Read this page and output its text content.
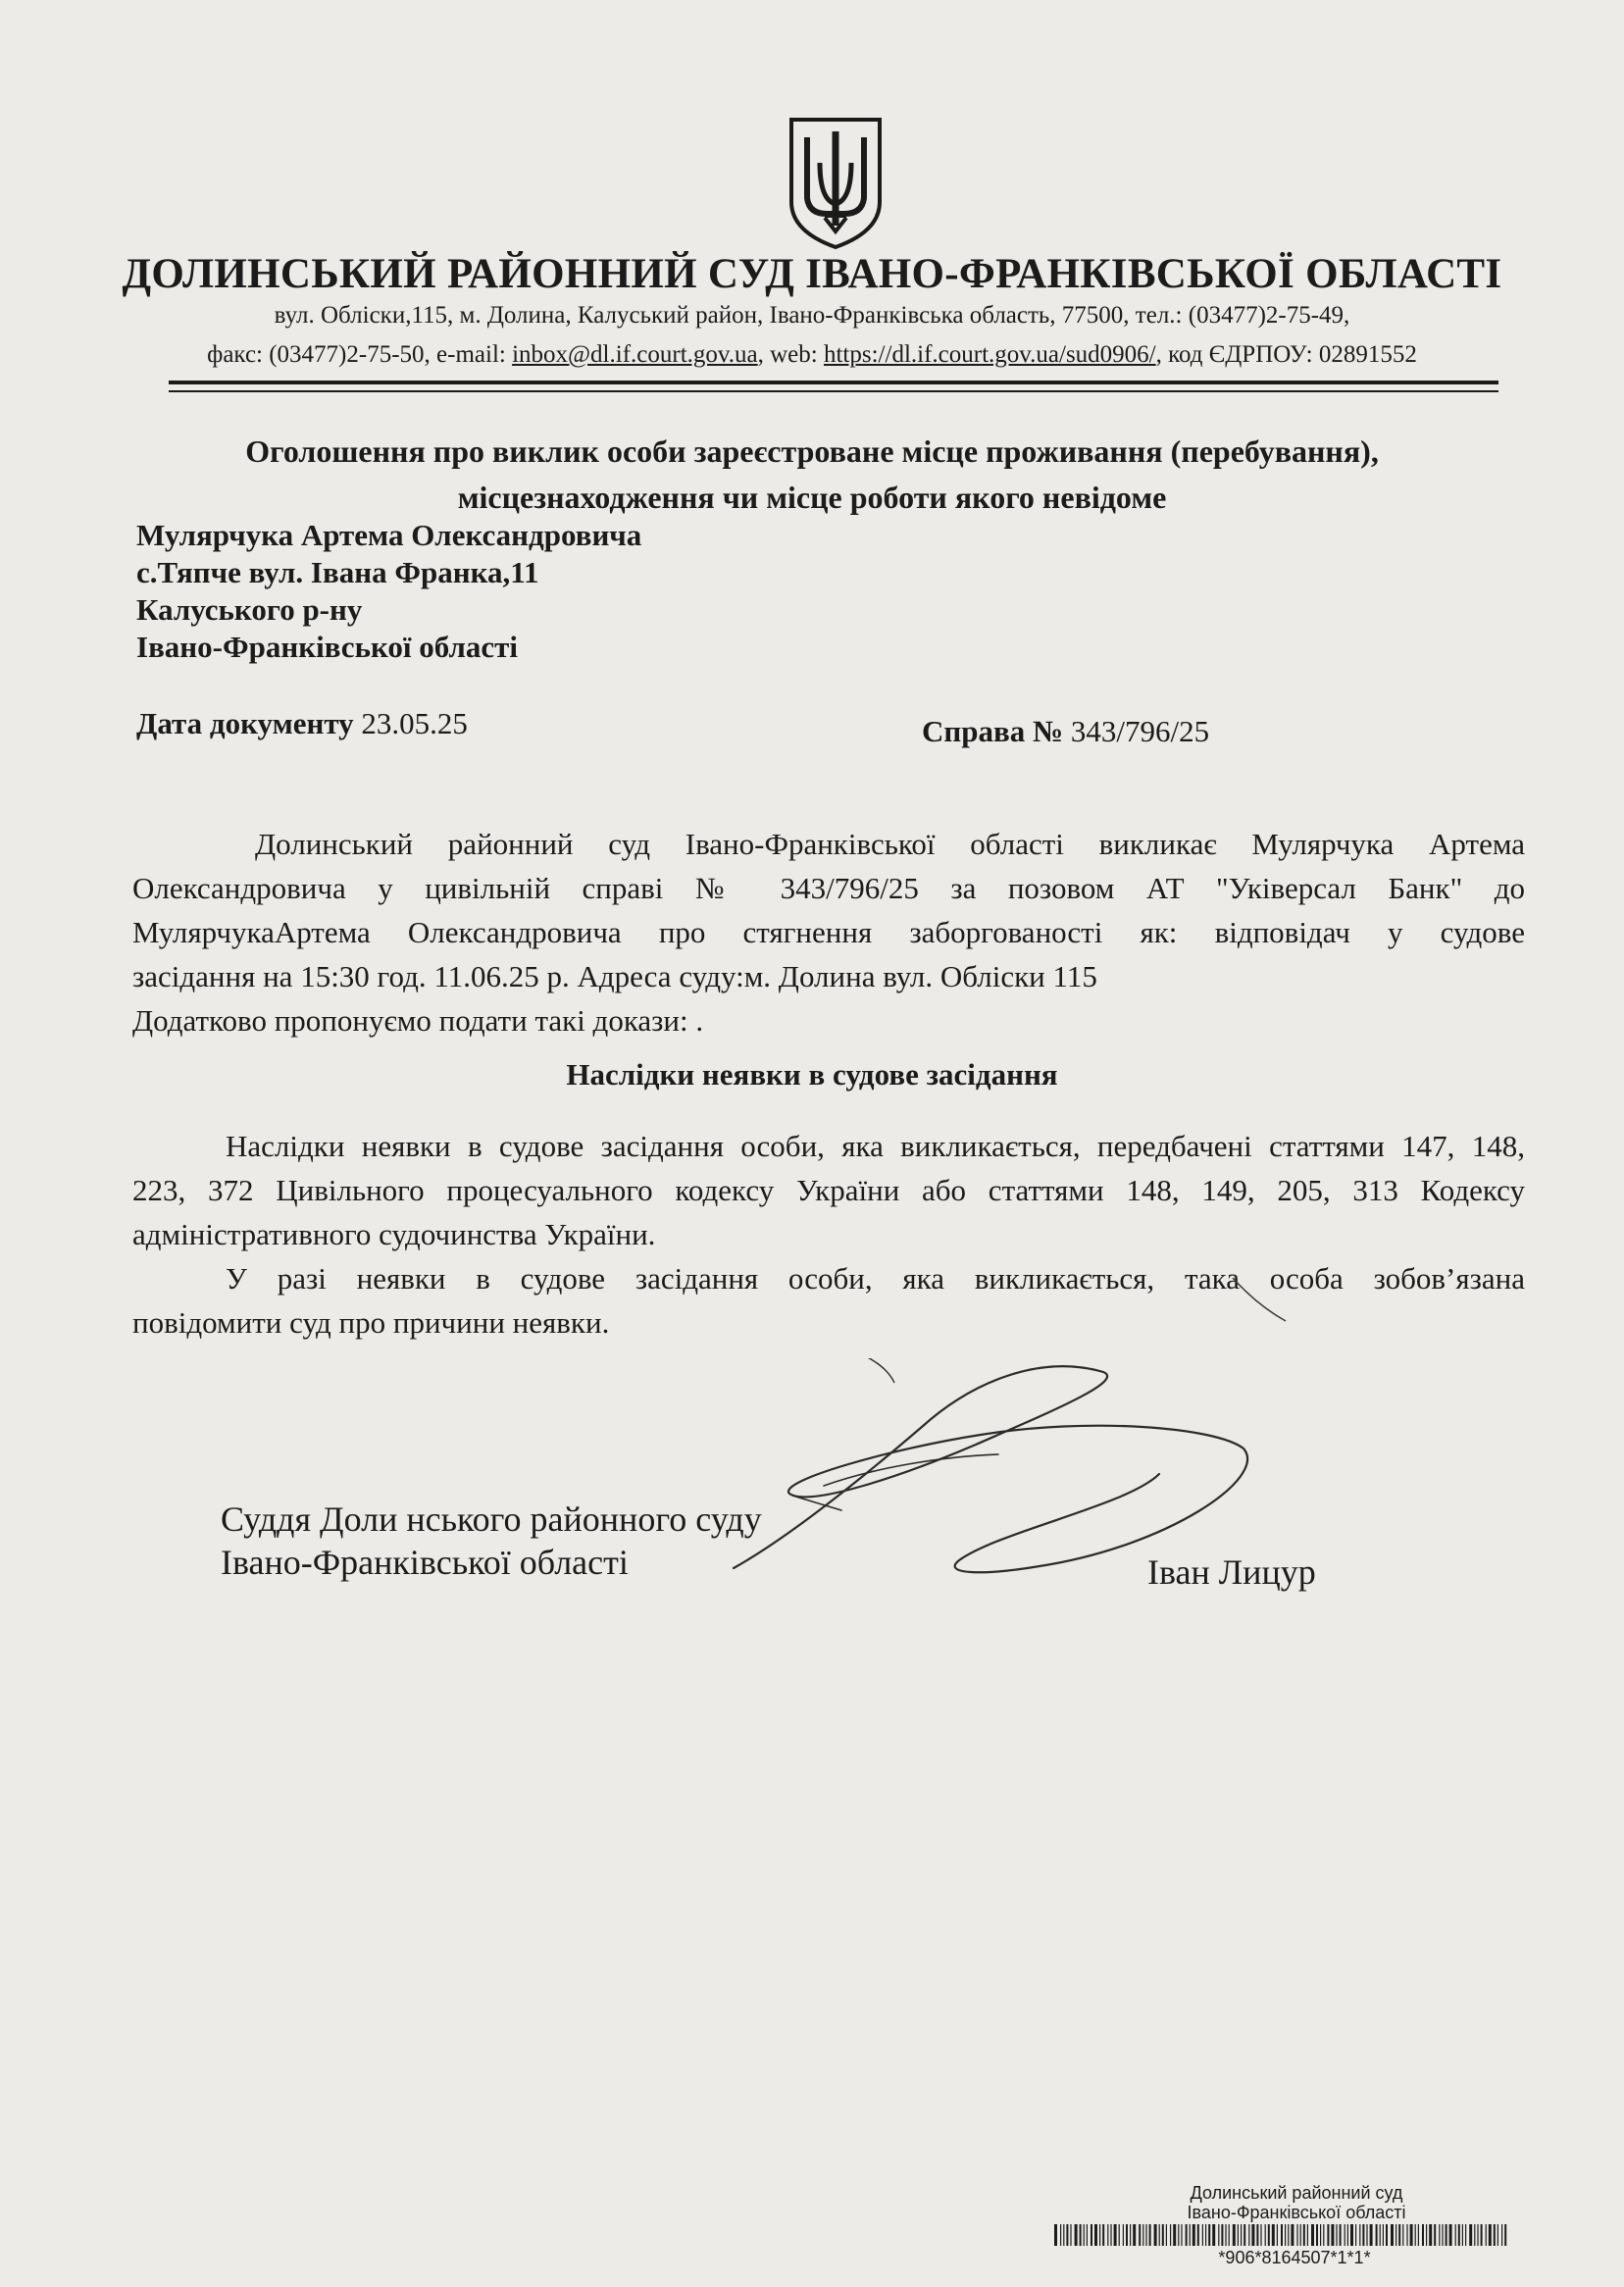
ДОЛИНСЬКИЙ РАЙОННИЙ СУД ІВАНО-ФРАНКІВСЬКОЇ ОБЛАСТІ
вул. Обліски,115, м. Долина, Калуський район, Івано-Франківська область, 77500, тел.: (03477)2-75-49,
факс: (03477)2-75-50, e-mail: inbox@dl.if.court.gov.ua, web: https://dl.if.court.gov.ua/sud0906/, код ЄДРПОУ: 02891552
Оголошення про виклик особи зареєстроване місце проживання (перебування),
місцезнаходження чи місце роботи якого невідоме
Мулярчука Артема Олександровича
с.Тяпче вул. Івана Франка,11
Калуського р-ну
Івано-Франківської області
Дата документу 23.05.25	Справа № 343/796/25
Долинський районний суд Івано-Франківської області викликає Мулярчука Артема
Олександровича у цивільній справі № 343/796/25 за позовом АТ "Уківерсал Банк" до
МулярчукаАртема Олександровича про стягнення заборгованості як: відповідач у судове
засідання на 15:30 год. 11.06.25 р. Адреса суду:м. Долина вул. Обліски 115
Додатково пропонуємо подати такі докази: .
Наслідки неявки в судове засідання
Наслідки неявки в судове засідання особи, яка викликається, передбачені статтями 147, 148,
223, 372 Цивільного процесуального кодексу України або статтями 148, 149, 205, 313 Кодексу
адміністративного судочинства України.
У разі неявки в судове засідання особи, яка викликається, така особа зобов’язана
повідомити суд про причини неявки.
Суддя Доли нського районного суду
Івано-Франківської області	Іван Лицур
Долинський районний суд
Івано-Франківської області
*906*8164507*1*1*
